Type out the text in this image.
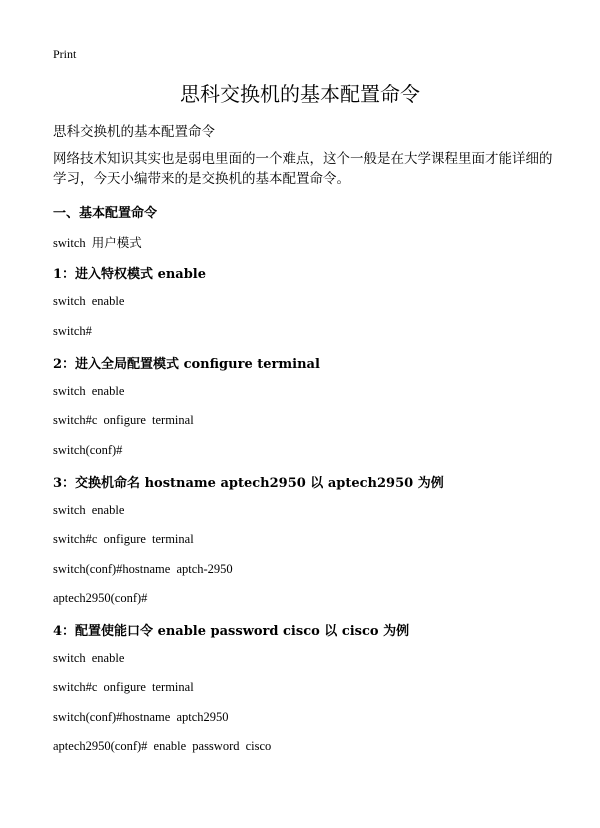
Print
思科交换机的基本配置命令
思科交换机的基本配置命令
网络技术知识其实也是弱电里面的一个难点，这个一般是在大学课程里面才能详细的学习，今天小编带来的是交换机的基本配置命令。
一、基本配置命令
switch 用户模式
1：进入特权模式 enable
switch enable
switch#
2：进入全局配置模式 configure terminal
switch enable
switch#c onfigure terminal
switch(conf)#
3：交换机命名 hostname aptech2950 以 aptech2950 为例
switch enable
switch#c onfigure terminal
switch(conf)#hostname aptch-2950
aptech2950(conf)#
4：配置使能口令 enable password cisco 以 cisco 为例
switch enable
switch#c onfigure terminal
switch(conf)#hostname aptch2950
aptech2950(conf)# enable password cisco
